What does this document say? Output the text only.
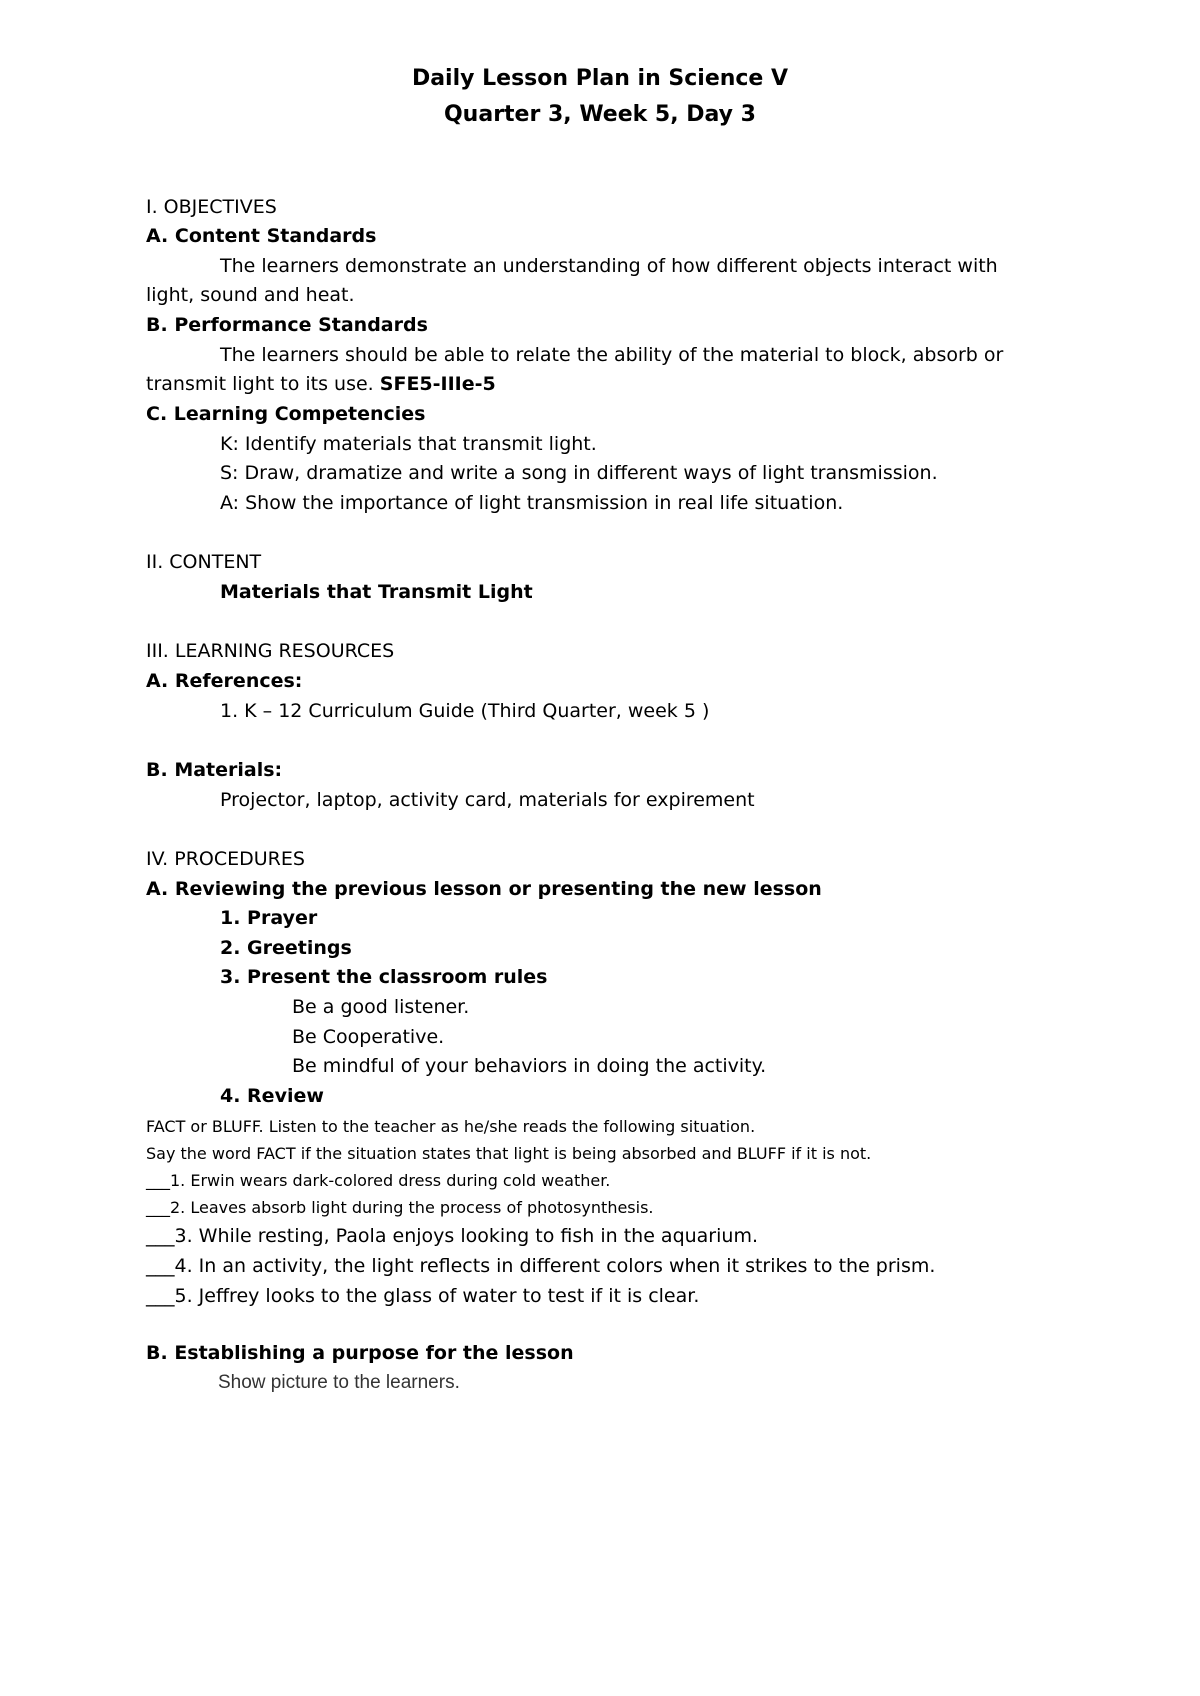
Daily Lesson Plan in Science V
Quarter 3, Week 5, Day 3
I. OBJECTIVES
A. Content Standards
The learners demonstrate an understanding of how different objects interact with
light, sound and heat.
B. Performance Standards
The learners should be able to relate the ability of the material to block, absorb or
transmit light to its use. SFE5-IIIe-5
C. Learning Competencies
K: Identify materials that transmit light.
S: Draw, dramatize and write a song in different ways of light transmission.
A: Show the importance of light transmission in real life situation.
II. CONTENT
Materials that Transmit Light
III. LEARNING RESOURCES
A. References:
1. K – 12 Curriculum Guide (Third Quarter, week 5 )
B. Materials:
Projector, laptop, activity card, materials for expirement
IV. PROCEDURES
A. Reviewing the previous lesson or presenting the new lesson
1. Prayer
2. Greetings
3. Present the classroom rules
Be a good listener.
Be Cooperative.
Be mindful of your behaviors in doing the activity.
4. Review
FACT or BLUFF. Listen to the teacher as he/she reads the following situation.
Say the word FACT if the situation states that light is being absorbed and BLUFF if it is not.
___1. Erwin wears dark-colored dress during cold weather.
___2. Leaves absorb light during the process of photosynthesis.
___3. While resting, Paola enjoys looking to fish in the aquarium.
___4. In an activity, the light reflects in different colors when it strikes to the prism.
___5. Jeffrey looks to the glass of water to test if it is clear.
B. Establishing a purpose for the lesson
Show picture to the learners.
